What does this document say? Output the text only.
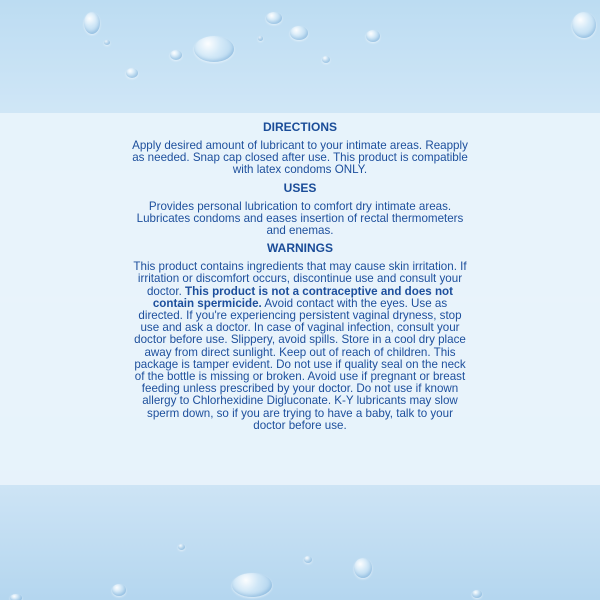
DIRECTIONS

Apply desired amount of lubricant to your intimate areas. Reapply as needed. Snap cap closed after use. This product is compatible with latex condoms ONLY.

USES

Provides personal lubrication to comfort dry intimate areas. Lubricates condoms and eases insertion of rectal thermometers and enemas.

WARNINGS

This product contains ingredients that may cause skin irritation. If irritation or discomfort occurs, discontinue use and consult your doctor. This product is not a contraceptive and does not contain spermicide. Avoid contact with the eyes. Use as directed. If you're experiencing persistent vaginal dryness, stop use and ask a doctor. In case of vaginal infection, consult your doctor before use. Slippery, avoid spills. Store in a cool dry place away from direct sunlight. Keep out of reach of children. This package is tamper evident. Do not use if quality seal on the neck of the bottle is missing or broken. Avoid use if pregnant or breast feeding unless prescribed by your doctor. Do not use if known allergy to Chlorhexidine Digluconate. K-Y lubricants may slow sperm down, so if you are trying to have a baby, talk to your doctor before use.
